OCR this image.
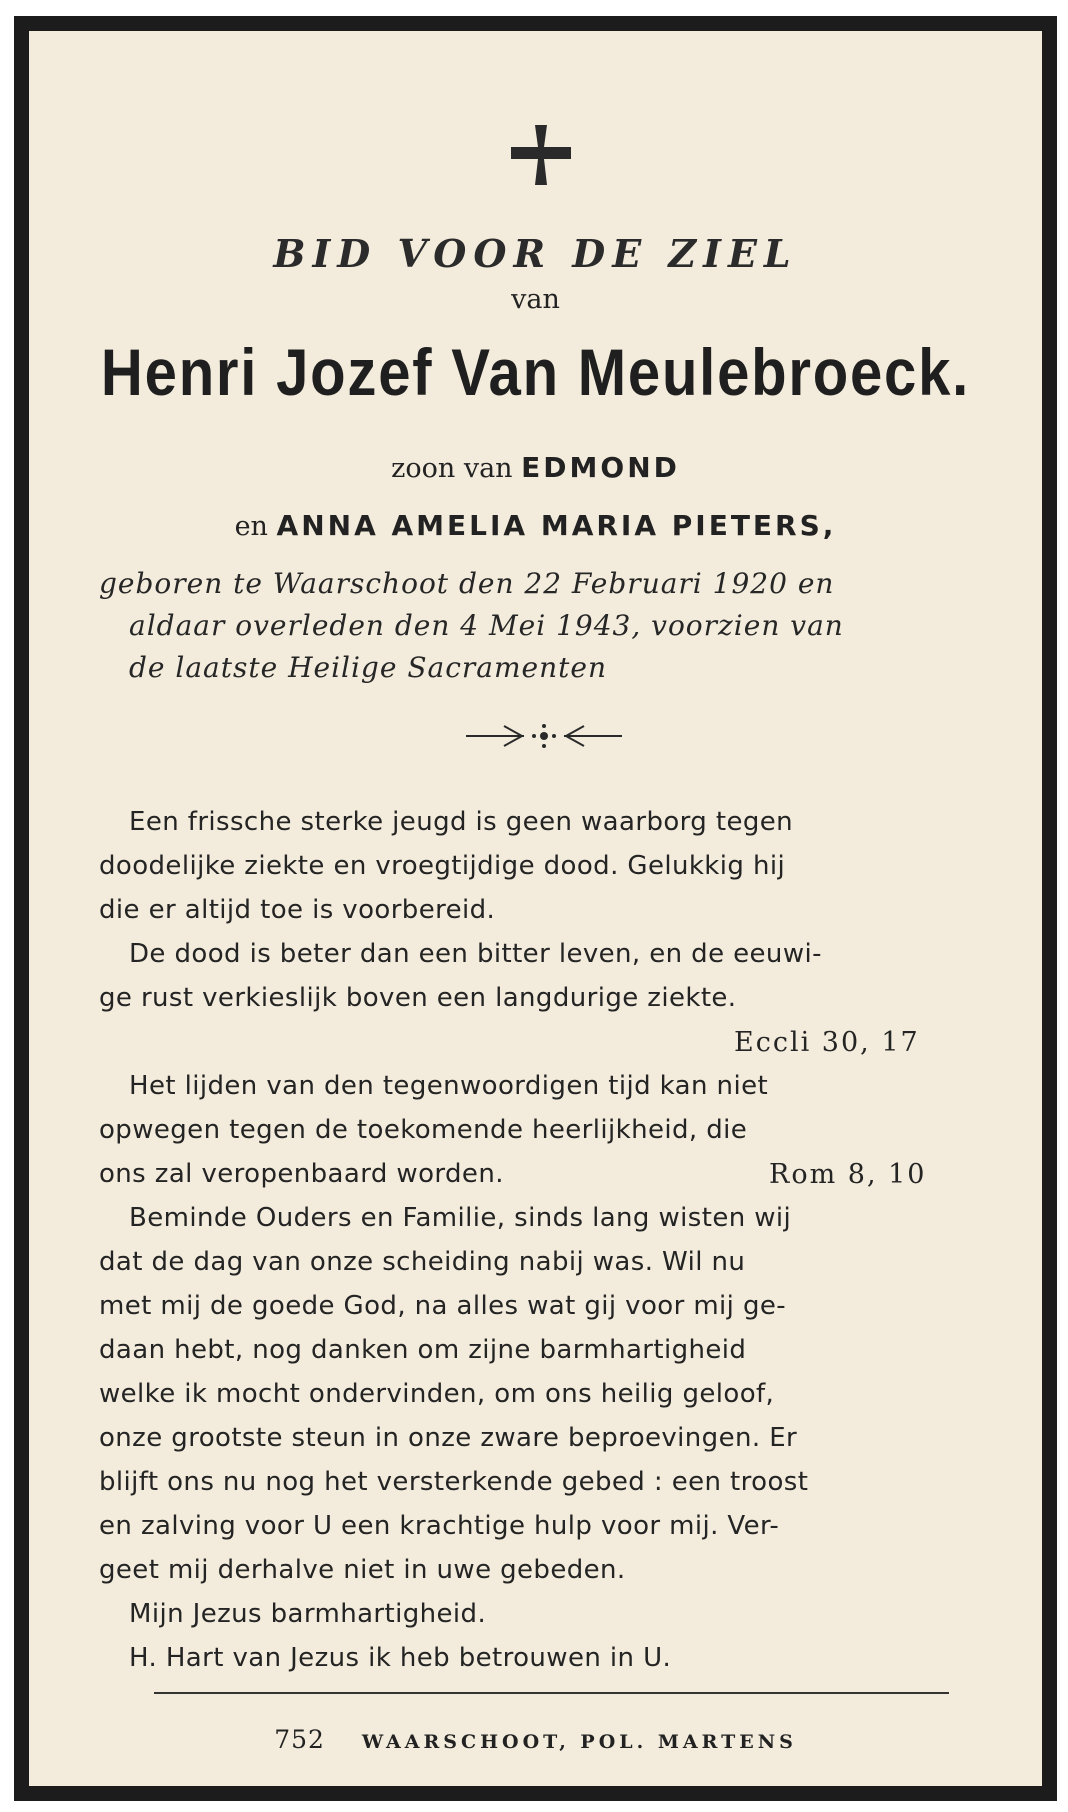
BID VOOR DE ZIEL
van
Henri Jozef Van Meulebroeck.
zoon van EDMOND
en ANNA AMELIA MARIA PIETERS,
geboren te Waarschoot den 22 Februari 1920 en
aldaar overleden den 4 Mei 1943, voorzien van
de laatste Heilige Sacramenten
Een frissche sterke jeugd is geen waarborg tegen
doodelijke ziekte en vroegtijdige dood. Gelukkig hij
die er altijd toe is voorbereid.
De dood is beter dan een bitter leven, en de eeuwi-
ge rust verkieslijk boven een langdurige ziekte.
Eccli 30, 17
Het lijden van den tegenwoordigen tijd kan niet
opwegen tegen de toekomende heerlijkheid, die
ons zal veropenbaard worden.	Rom 8, 10
Beminde Ouders en Familie, sinds lang wisten wij
dat de dag van onze scheiding nabij was. Wil nu
met mij de goede God, na alles wat gij voor mij ge-
daan hebt, nog danken om zijne barmhartigheid
welke ik mocht ondervinden, om ons heilig geloof,
onze grootste steun in onze zware beproevingen. Er
blijft ons nu nog het versterkende gebed : een troost
en zalving voor U een krachtige hulp voor mij. Ver-
geet mij derhalve niet in uwe gebeden.
Mijn Jezus barmhartigheid.
H. Hart van Jezus ik heb betrouwen in U.
752 WAARSCHOOT, POL. MARTENS
